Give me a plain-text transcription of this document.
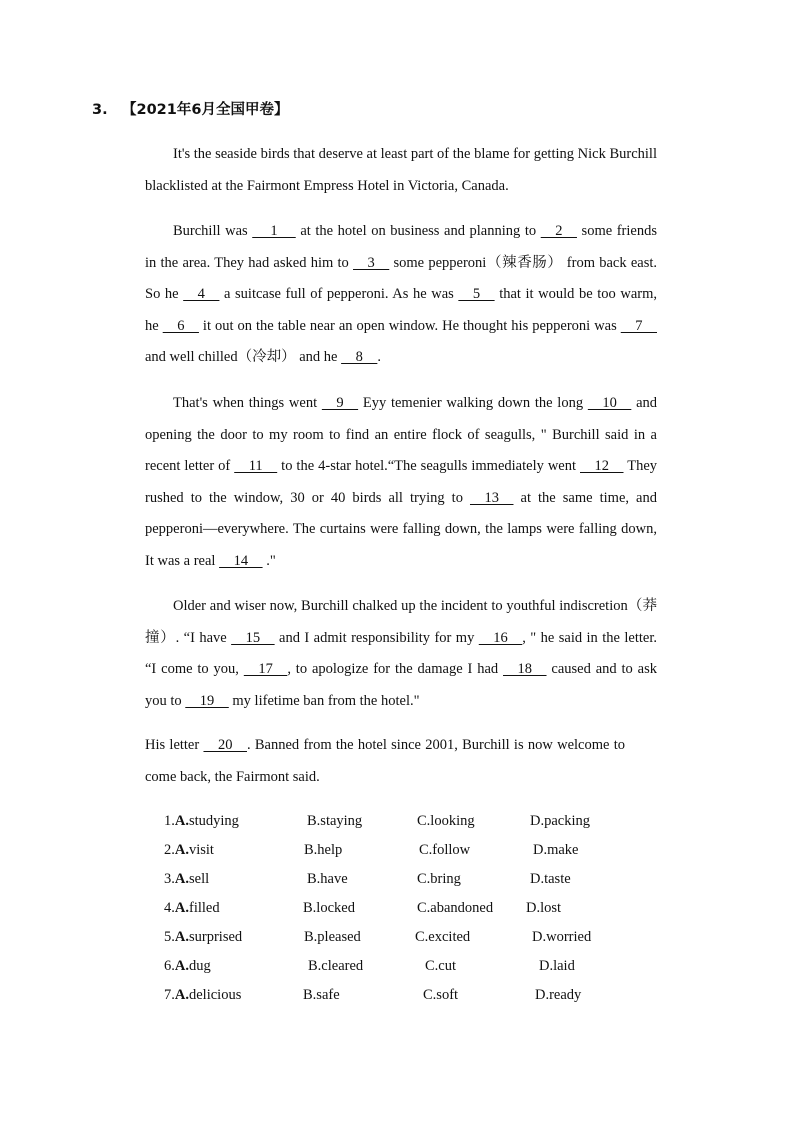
3. 【2021年6月全国甲卷】
It's the seaside birds that deserve at least part of the blame for getting Nick Burchill blacklisted at the Fairmont Empress Hotel in Victoria, Canada.
Burchill was      1      at the hotel on business and planning to     2     some friends in the area. They had asked him to     3     some pepperoni（辣香肠） from back east. So he     4     a suitcase full of pepperoni. As he was     5     that it would be too warm, he     6     it out on the table near an open window. He thought his pepperoni was     7     and well chilled（冷却） and he     8    .
That's when things went     9     Eyy temenier walking down the long     10     and opening the door to my room to find an entire flock of seagulls, " Burchill said in a recent letter of     11     to the 4-star hotel.“The seagulls immediately went     12     They rushed to the window, 30 or 40 birds all trying to     13     at the same time, and pepperoni—everywhere. The curtains were falling down, the lamps were falling down, It was a real     14     ."
Older and wiser now, Burchill chalked up the incident to youthful indiscretion（莽撞）. “I have     15     and I admit responsibility for my     16    , " he said in the letter. “I come to you,     17    , to apologize for the damage I had     18     caused and to ask you to     19     my lifetime ban from the hotel."
His letter     20    . Banned from the hotel since 2001, Burchill is now welcome to come back, the Fairmont said.
1.A.studying	B.staying	C.looking	D.packing
2.A.visit	B.help	C.follow	D.make
3.A.sell	B.have	C.bring	D.taste
4.A.filled	B.locked	C.abandoned D.lost
5.A.surprised	B.pleased	C.excited	D.worried
6.A.dug	B.cleared	C.cut	D.laid
7.A.delicious	B.safe	C.soft	D.ready
